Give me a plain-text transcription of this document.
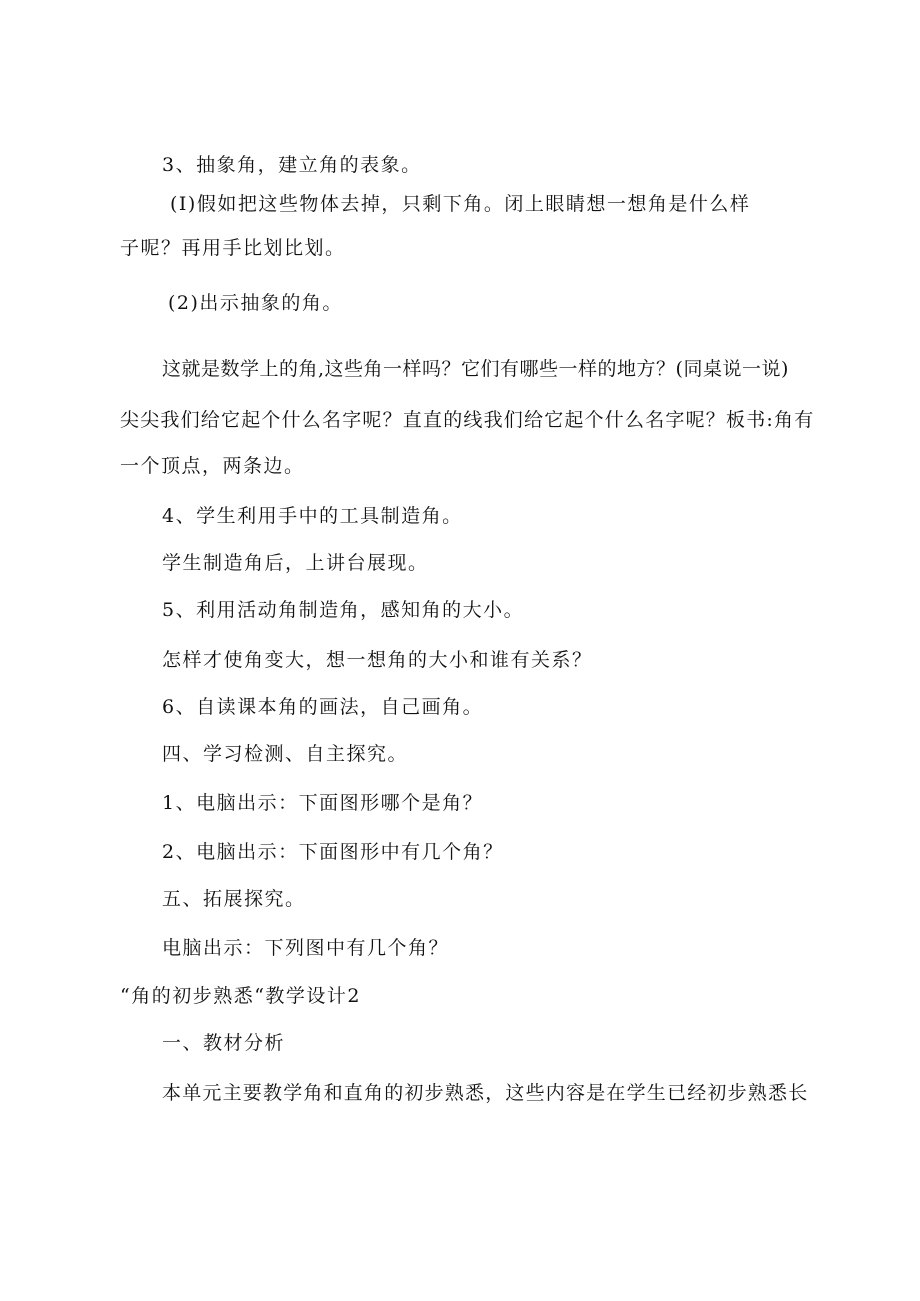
3、抽象角，建立角的表象。
(I)假如把这些物体去掉，只剩下角。闭上眼睛想一想角是什么样
子呢？再用手比划比划。
(2)出示抽象的角。
这就是数学上的角,这些角一样吗？它们有哪些一样的地方？(同桌说一说)
尖尖我们给它起个什么名字呢？直直的线我们给它起个什么名字呢？板书:角有
一个顶点，两条边。
4、学生利用手中的工具制造角。
学生制造角后，上讲台展现。
5、利用活动角制造角，感知角的大小。
怎样才使角变大，想一想角的大小和谁有关系？
6、自读课本角的画法，自己画角。
四、学习检测、自主探究。
1、电脑出示：下面图形哪个是角？
2、电脑出示：下面图形中有几个角？
五、拓展探究。
电脑出示：下列图中有几个角？
“角的初步熟悉“教学设计2
一、教材分析
本单元主要教学角和直角的初步熟悉，这些内容是在学生已经初步熟悉长
